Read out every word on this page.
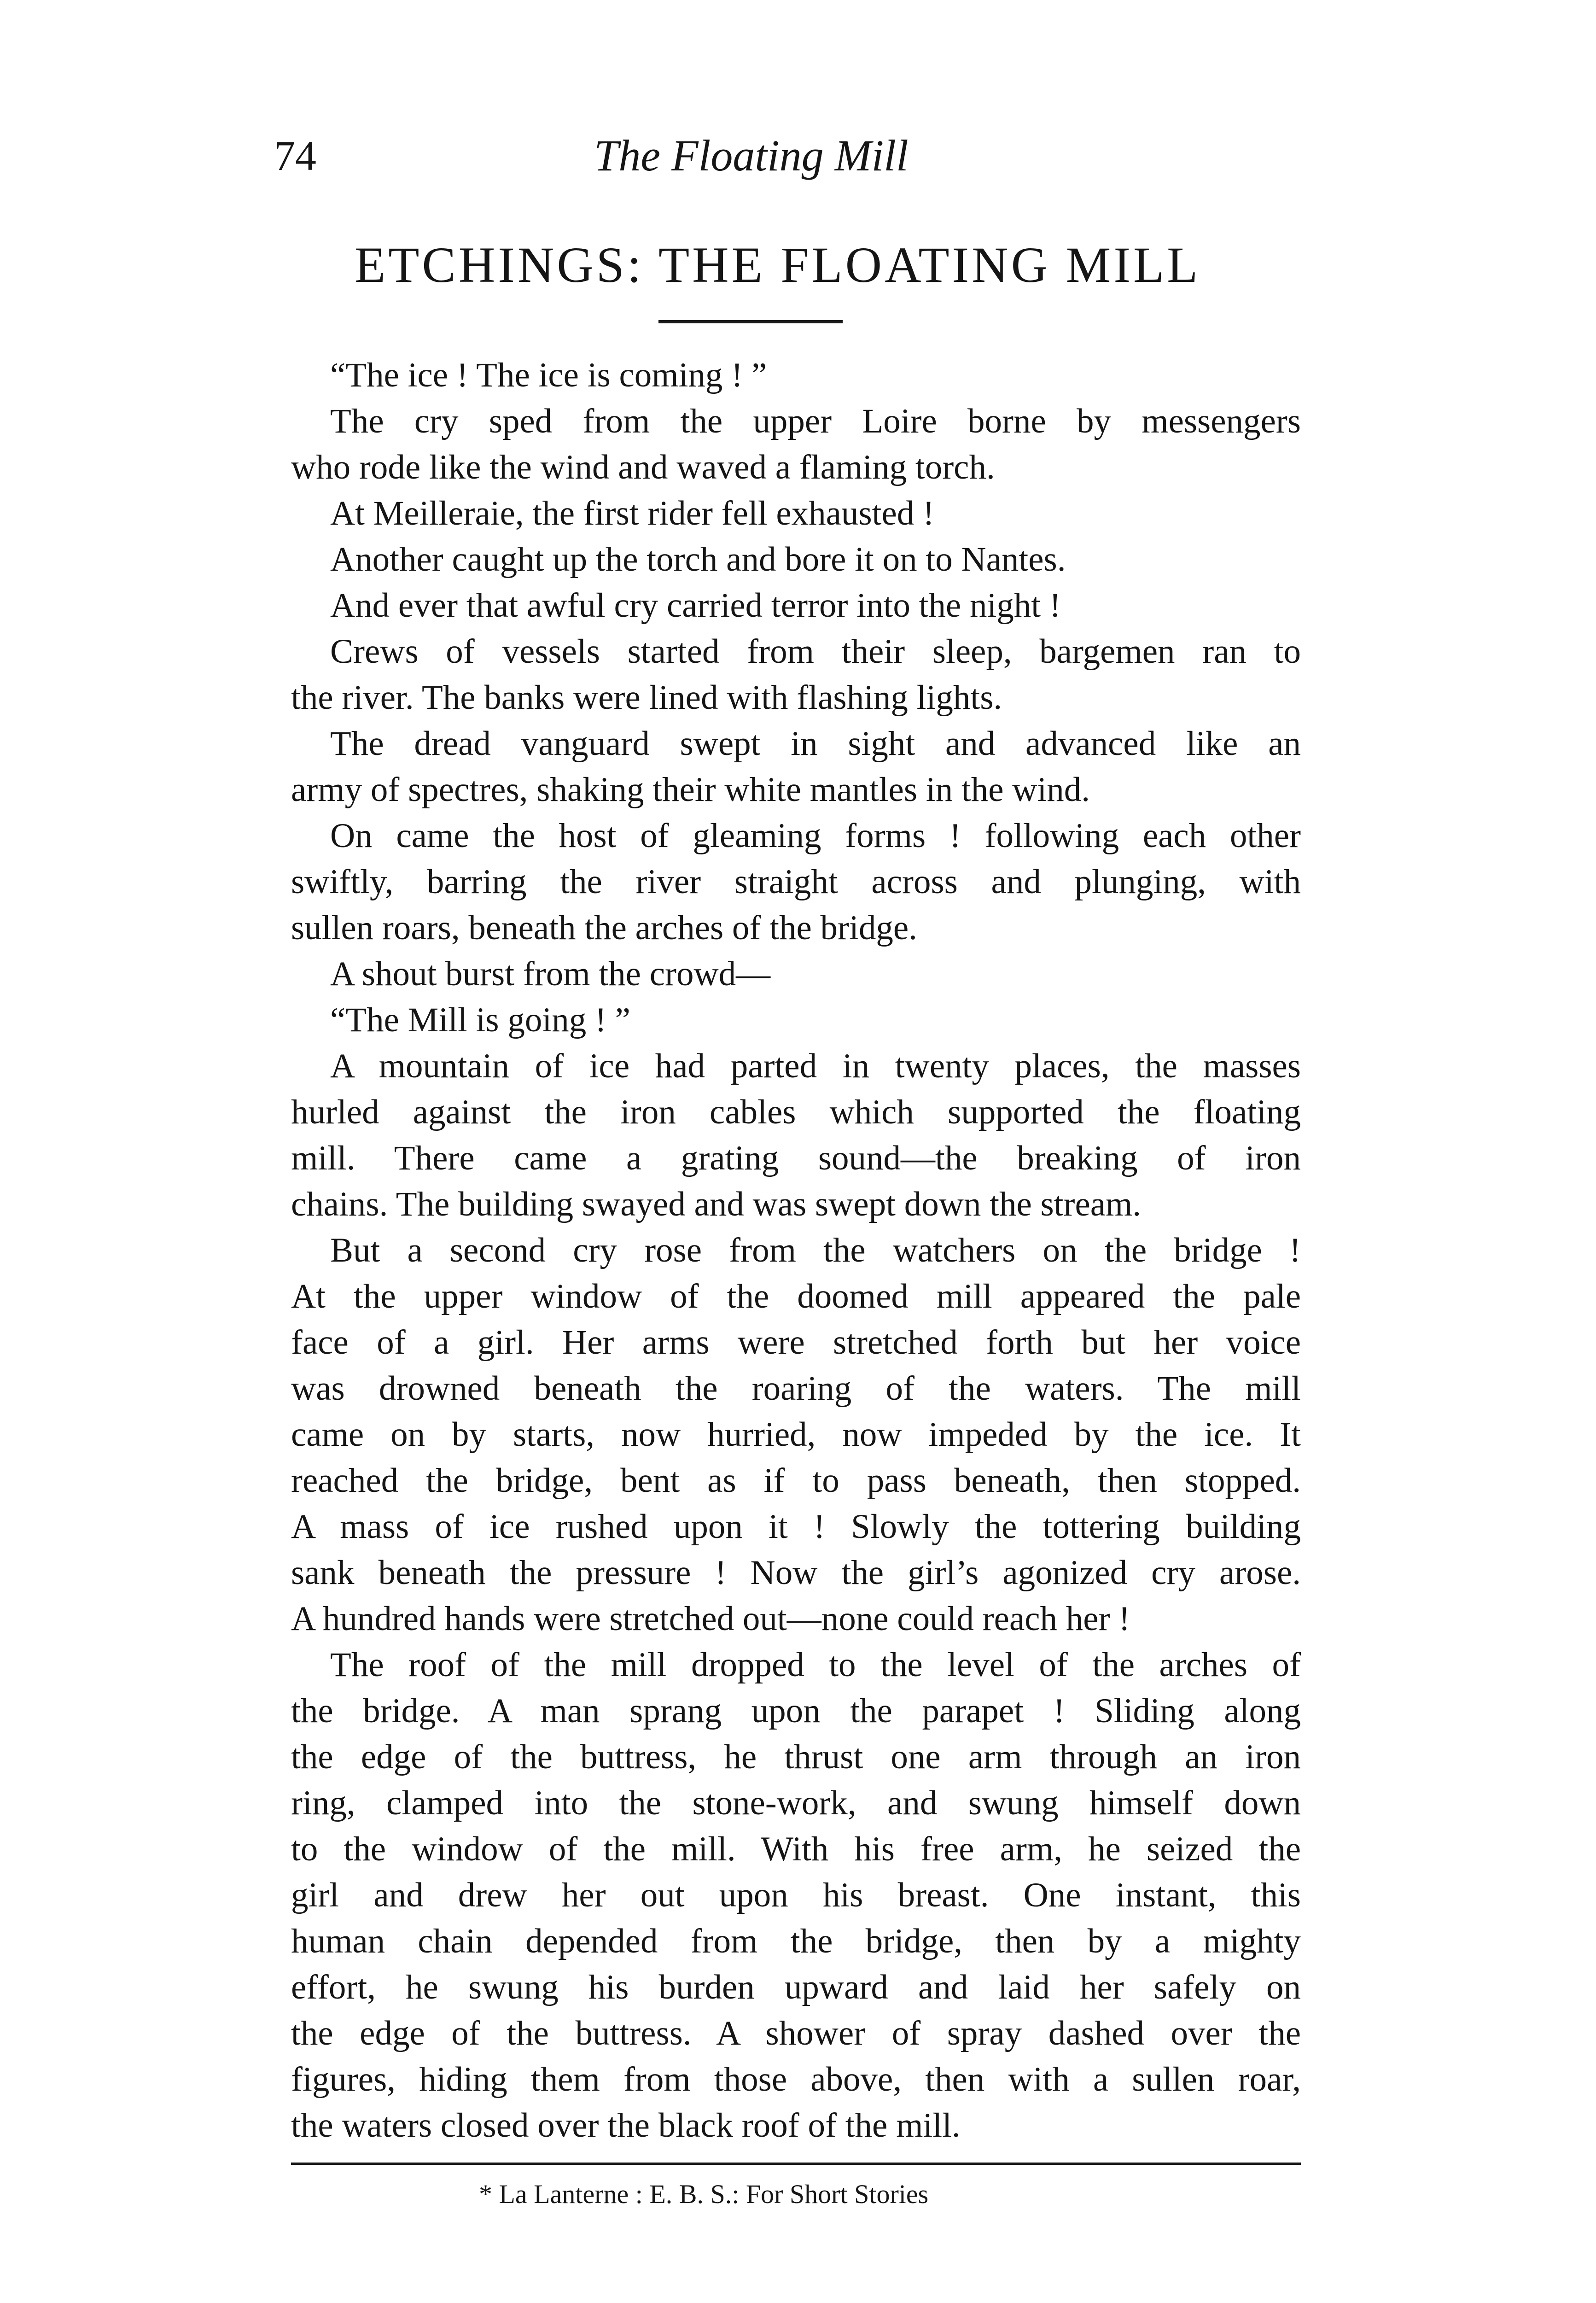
74	The Floating Mill
ETCHINGS: THE FLOATING MILL
“The ice ! The ice is coming ! ”
The cry sped from the upper Loire borne by messengers
who rode like the wind and waved a flaming torch.
At Meilleraie, the first rider fell exhausted !
Another caught up the torch and bore it on to Nantes.
And ever that awful cry carried terror into the night !
Crews of vessels started from their sleep, bargemen ran to
the river. The banks were lined with flashing lights.
The dread vanguard swept in sight and advanced like an
army of spectres, shaking their white mantles in the wind.
On came the host of gleaming forms ! following each other
swiftly, barring the river straight across and plunging, with
sullen roars, beneath the arches of the bridge.
A shout burst from the crowd—
“The Mill is going ! ”
A mountain of ice had parted in twenty places, the masses
hurled against the iron cables which supported the floating
mill. There came a grating sound—the breaking of iron
chains. The building swayed and was swept down the stream.
But a second cry rose from the watchers on the bridge !
At the upper window of the doomed mill appeared the pale
face of a girl. Her arms were stretched forth but her voice
was drowned beneath the roaring of the waters. The mill
came on by starts, now hurried, now impeded by the ice. It
reached the bridge, bent as if to pass beneath, then stopped.
A mass of ice rushed upon it ! Slowly the tottering building
sank beneath the pressure ! Now the girl’s agonized cry arose.
A hundred hands were stretched out—none could reach her !
The roof of the mill dropped to the level of the arches of
the bridge. A man sprang upon the parapet ! Sliding along
the edge of the buttress, he thrust one arm through an iron
ring, clamped into the stone-work, and swung himself down
to the window of the mill. With his free arm, he seized the
girl and drew her out upon his breast. One instant, this
human chain depended from the bridge, then by a mighty
effort, he swung his burden upward and laid her safely on
the edge of the buttress. A shower of spray dashed over the
figures, hiding them from those above, then with a sullen roar,
the waters closed over the black roof of the mill.
* La Lanterne : E. B. S.: For Short Stories
